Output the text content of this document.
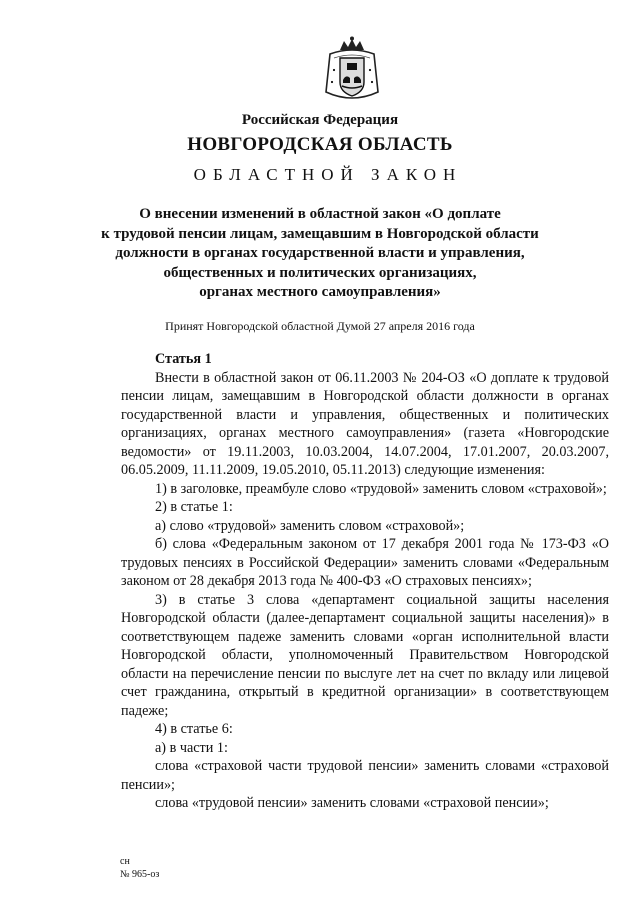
Российская Федерация
НОВГОРОДСКАЯ ОБЛАСТЬ
ОБЛАСТНОЙ ЗАКОН
О внесении изменений в областной закон «О доплате
к трудовой пенсии лицам, замещавшим в Новгородской области
должности в органах государственной власти и управления,
общественных и политических организациях,
органах местного самоуправления»
Принят Новгородской областной Думой 27 апреля 2016 года
Статья 1

Внести в областной закон от 06.11.2003 № 204-ОЗ «О доплате к трудовой пенсии лицам, замещавшим в Новгородской области должности в органах государственной власти и управления, общественных и политических организациях, органах местного самоуправления» (газета «Новгородские ведомости» от 19.11.2003, 10.03.2004, 14.07.2004, 17.01.2007, 20.03.2007, 06.05.2009, 11.11.2009, 19.05.2010, 05.11.2013) следующие изменения:

1) в заголовке, преамбуле слово «трудовой» заменить словом «страховой»;

2) в статье 1:

а) слово «трудовой» заменить словом «страховой»;

б) слова «Федеральным законом от 17 декабря 2001 года № 173-ФЗ «О трудовых пенсиях в Российской Федерации» заменить словами «Федеральным законом от 28 декабря 2013 года № 400-ФЗ «О страховых пенсиях»;

3) в статье 3 слова «департамент социальной защиты населения Новгородской области (далее-департамент социальной защиты населения)» в соответствующем падеже заменить словами «орган исполнительной власти Новгородской области, уполномоченный Правительством Новгородской области на перечисление пенсии по выслуге лет на счет по вкладу или лицевой счет гражданина, открытый в кредитной организации» в соответствующем падеже;

4) в статье 6:

а) в части 1:

слова «страховой части трудовой пенсии» заменить словами «страховой пенсии»;

слова «трудовой пенсии» заменить словами «страховой пенсии»;

сн
№ 965-оз
